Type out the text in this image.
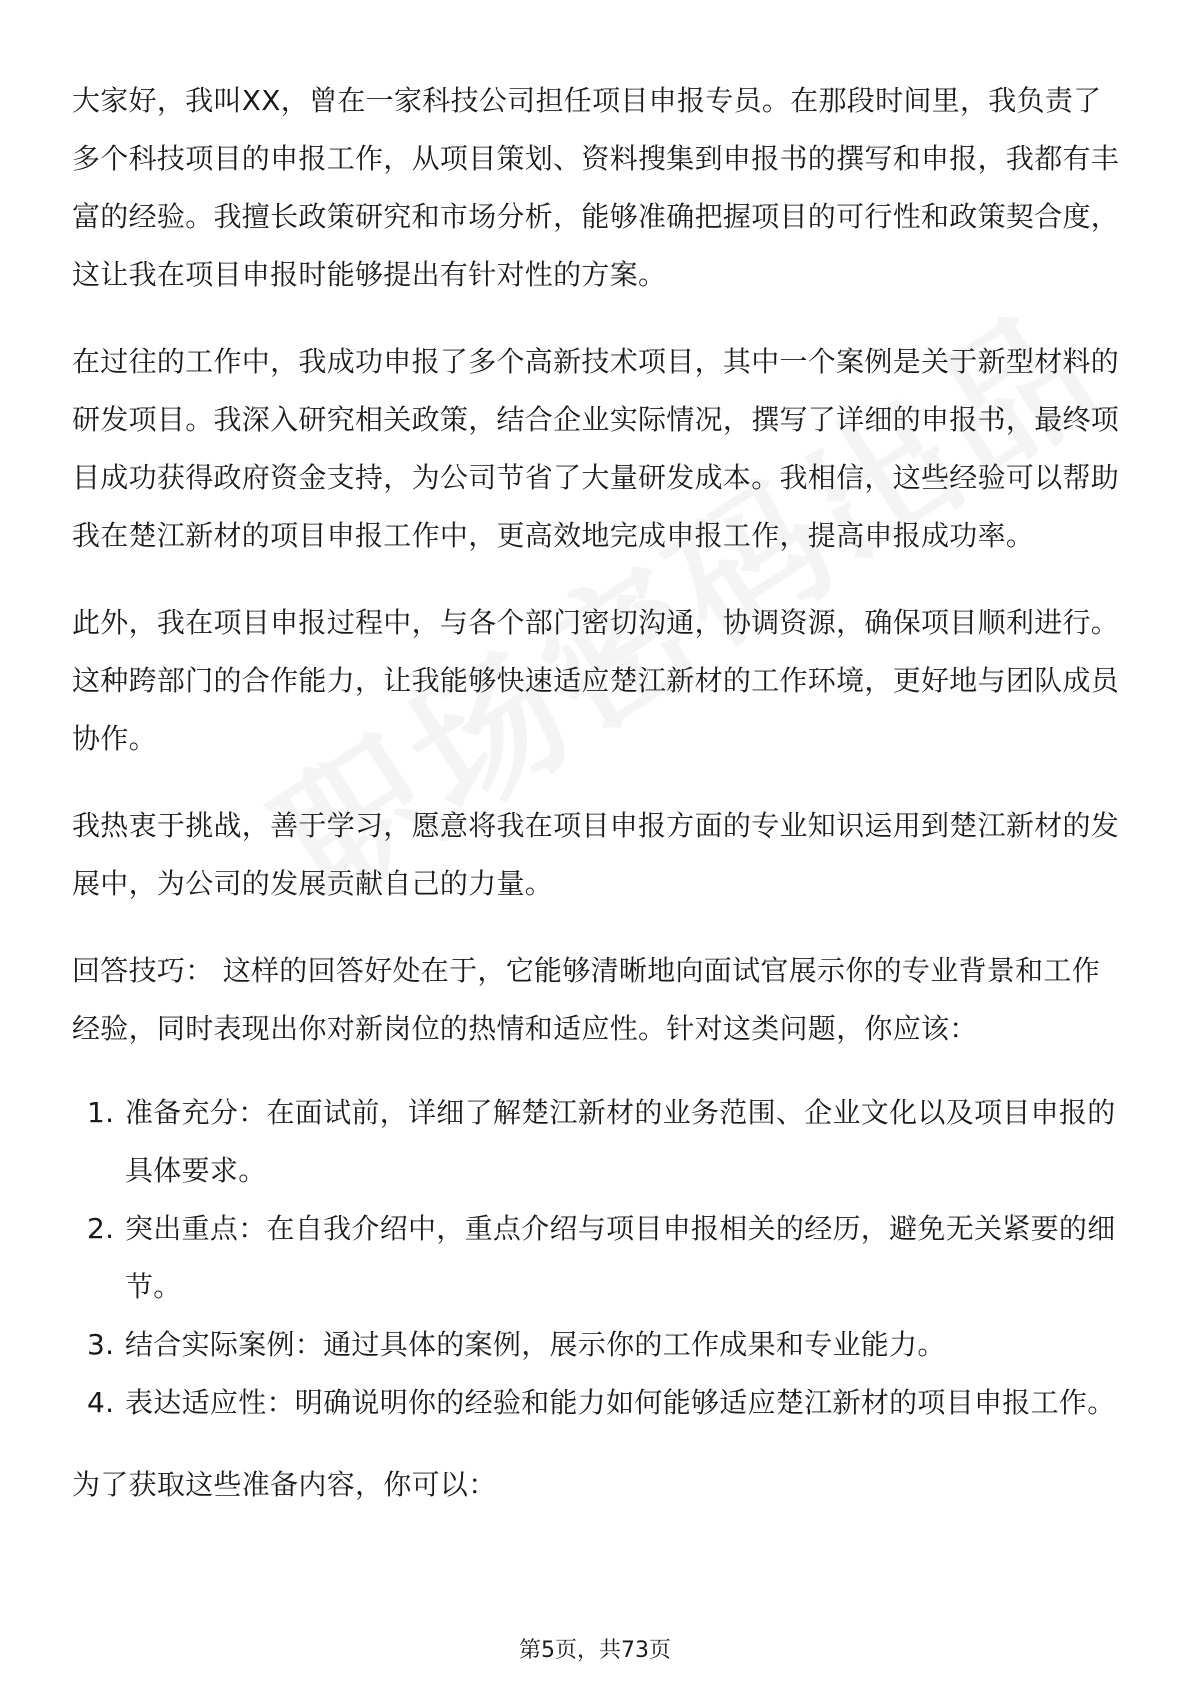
大家好，我叫XX，曾在一家科技公司担任项目申报专员。在那段时间里，我负责了多个科技项目的申报工作，从项目策划、资料搜集到申报书的撰写和申报，我都有丰富的经验。我擅长政策研究和市场分析，能够准确把握项目的可行性和政策契合度，这让我在项目申报时能够提出有针对性的方案。

在过往的工作中，我成功申报了多个高新技术项目，其中一个案例是关于新型材料的研发项目。我深入研究相关政策，结合企业实际情况，撰写了详细的申报书，最终项目成功获得政府资金支持，为公司节省了大量研发成本。我相信，这些经验可以帮助我在楚江新材的项目申报工作中，更高效地完成申报工作，提高申报成功率。

此外，我在项目申报过程中，与各个部门密切沟通，协调资源，确保项目顺利进行。这种跨部门的合作能力，让我能够快速适应楚江新材的工作环境，更好地与团队成员协作。

我热衷于挑战，善于学习，愿意将我在项目申报方面的专业知识运用到楚江新材的发展中，为公司的发展贡献自己的力量。

回答技巧： 这样的回答好处在于，它能够清晰地向面试官展示你的专业背景和工作经验，同时表现出你对新岗位的热情和适应性。针对这类问题，你应该：

1. 准备充分：在面试前，详细了解楚江新材的业务范围、企业文化以及项目申报的具体要求。
2. 突出重点：在自我介绍中，重点介绍与项目申报相关的经历，避免无关紧要的细节。
3. 结合实际案例：通过具体的案例，展示你的工作成果和专业能力。
4. 表达适应性：明确说明你的经验和能力如何能够适应楚江新材的项目申报工作。

为了获取这些准备内容，你可以：

第5页，共73页
